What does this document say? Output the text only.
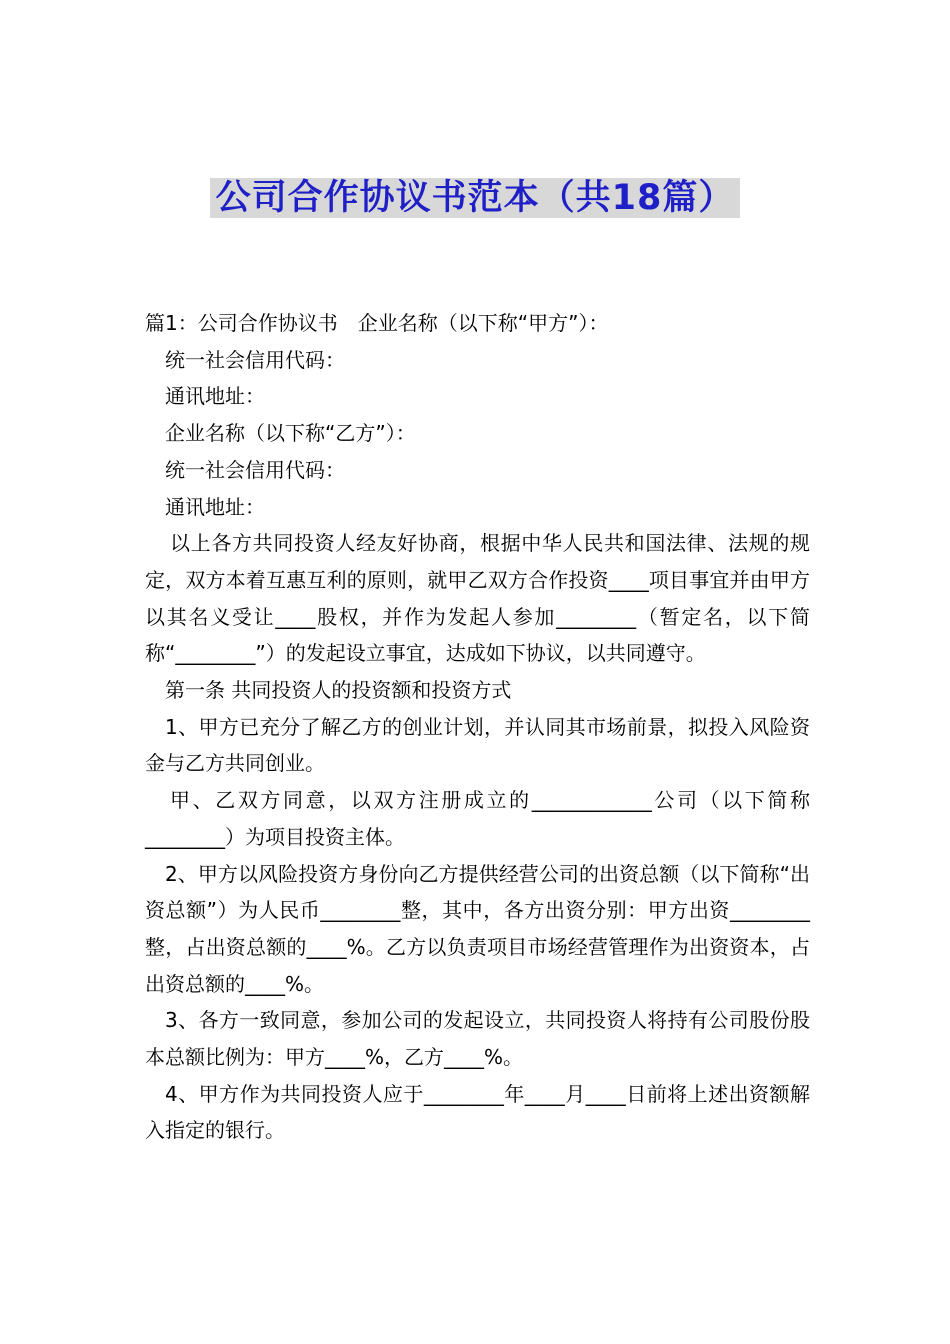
公司合作协议书范本（共18篇）

篇1：公司合作协议书　企业名称（以下称“甲方”）：

统一社会信用代码：

通讯地址：

企业名称（以下称“乙方”）：

统一社会信用代码：

通讯地址：

以上各方共同投资人经友好协商，根据中华人民共和国法律、法规的规定，双方本着互惠互利的原则，就甲乙双方合作投资____项目事宜并由甲方以其名义受让____股权，并作为发起人参加________（暂定名，以下简称“________”）的发起设立事宜，达成如下协议，以共同遵守。

第一条 共同投资人的投资额和投资方式

1、甲方已充分了解乙方的创业计划，并认同其市场前景，拟投入风险资金与乙方共同创业。

甲、乙双方同意，以双方注册成立的____________公司（以下简称________）为项目投资主体。

2、甲方以风险投资方身份向乙方提供经营公司的出资总额（以下简称“出资总额”）为人民币________整，其中，各方出资分别：甲方出资________整，占出资总额的____%。乙方以负责项目市场经营管理作为出资资本，占出资总额的____%。

3、各方一致同意，参加公司的发起设立，共同投资人将持有公司股份股本总额比例为：甲方____%，乙方____%。

4、甲方作为共同投资人应于________年____月____日前将上述出资额解入指定的银行。
